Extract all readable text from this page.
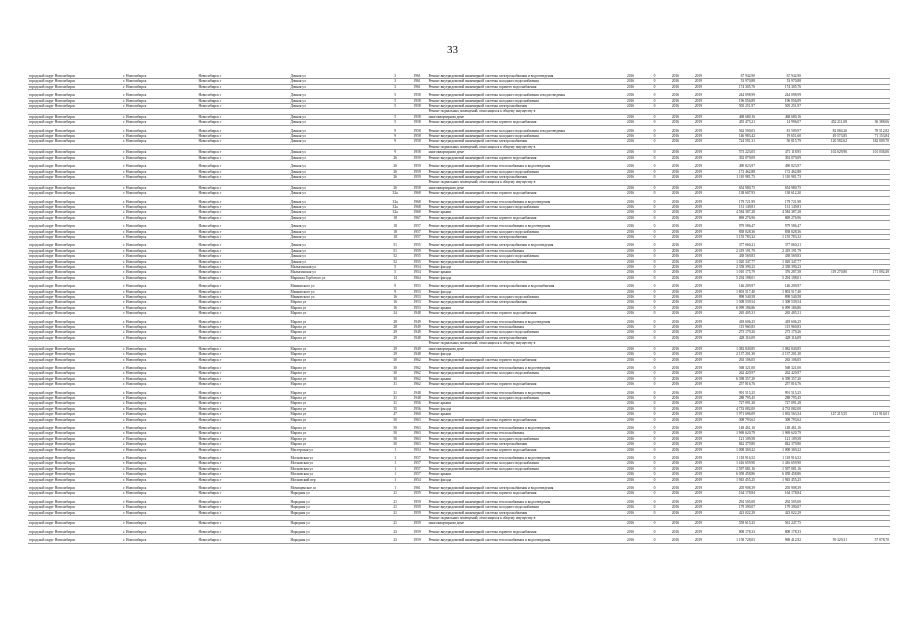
33
городской округ Новосибирск	г. Новосибирск	Новосибирск г	Дачная ул	3	1961	Ремонт внутридомовой инженерной системы электроснабжения и водоотведения	2016	0	2016	2019	67 942,90	67 942,90		
городской округ Новосибирск	г. Новосибирск	Новосибирск г	Дачная ул	3	1961	Ремонт внутридомовой инженерной системы холодного водоснабжения	2016	0	2016	2019	53 970,88	53 970,88		
городской округ Новосибирск	г. Новосибирск	Новосибирск г	Дачная ул	3	1961	Ремонт внутридомовой инженерной системы горячего водоснабжения	2016	0	2016	2019	174 305,76	174 305,76		

городской округ Новосибирск	г. Новосибирск	Новосибирск г	Дачная ул	5	1958	Ремонт внутридомовой инженерной системы холодного водоснабжения и водоотведения	2016	0	2016	2019	244 098,99	244 098,99		
городской округ Новосибирск	г. Новосибирск	Новосибирск г	Дачная ул	5	1958	Ремонт внутридомовой инженерной системы холодного водоснабжения	2016	0	2016	2019	196 056,89	196 056,89		
городской округ Новосибирск	г. Новосибирск	Новосибирск г	Дачная ул	5	1958	Ремонт внутридомовой инженерной системы электроснабжения	2016	0	2016	2019	505 251,97	505 251,97		
						Ремонт подвальных помещений, относящихся к общему имуществу в								
городской округ Новосибирск	г. Новосибирск	Новосибирск г	Дачная ул	5	1958	многоквартирном доме	2016	0	2016	2019	468 680,16	468 680,16		
городской округ Новосибирск	г. Новосибирск	Новосибирск г	Дачная ул	5	1958	Ремонт внутридомовой инженерной системы горячего водоснабжения	2016	0	2016	2019	455 475,21	14 996,07	452 211,08	36 388,06

городской округ Новосибирск	г. Новосибирск	Новосибирск г	Дачная ул	9	1958	Ремонт внутридомовой инженерной системы холодного водоснабжения и водоотведения	2016	0	2016	2019	562 500,03	81 509,97	82 084,26	78 512,82
городской округ Новосибирск	г. Новосибирск	Новосибирск г	Дачная ул	9	1958	Ремонт внутридомовой инженерной системы холодного водоснабжения	2016	0	2016	2019	146 983,42	19 651,60	49 573,85	71 153,84
городской округ Новосибирск	г. Новосибирск	Новосибирск г	Дачная ул	9	1958	Ремонт внутридомовой инженерной системы электроснабжения	2016	0	2016	2019	724 591,31	50 815,79	120 582,62	182 009,70
						Ремонт подвальных помещений, относящихся к общему имуществу в								
городской округ Новосибирск	г. Новосибирск	Новосибирск г	Дачная ул	9	1958	многоквартирном доме	2016	0	2016	2019	573 223,05	471 118,95	102 629,96	101 036,06
городской округ Новосибирск	г. Новосибирск	Новосибирск г	Дачная ул	26	1959	Ремонт внутридомовой инженерной системы горячего водоснабжения	2016	0	2016	2019	392 079,09	392 079,09		

городской округ Новосибирск	г. Новосибирск	Новосибирск г	Дачная ул	26	1959	Ремонт внутридомовой инженерной системы теплоснабжения и водоотведения	2016	0	2016	2019	490 823,97	490 823,97		
городской округ Новосибирск	г. Новосибирск	Новосибирск г	Дачная ул	26	1959	Ремонт внутридомовой инженерной системы холодного водоснабжения	2016	0	2016	2019	172 462,88	172 462,88		
городской округ Новосибирск	г. Новосибирск	Новосибирск г	Дачная ул	26	1959	Ремонт внутридомовой инженерной системы электроснабжения	2016	0	2016	2019	1 110 981,73	1 110 981,73		
						Ремонт подвальных помещений, относящихся к общему имуществу в								
городской округ Новосибирск	г. Новосибирск	Новосибирск г	Дачная ул	26	1958	многоквартирном доме	2016	0	2016	2019	654 980,75	654 980,75		
городской округ Новосибирск	г. Новосибирск	Новосибирск г	Дачная ул	32а	1968	Ремонт внутридомовой инженерной системы горячего водоснабжения	2016	0	2016	2019	138 607,93	138 612,20		

городской округ Новосибирск	г. Новосибирск	Новосибирск г	Дачная ул	32а	1968	Ремонт внутридомовой инженерной системы теплоснабжения и водоотведения	2016	0	2016	2019	179 721,99	179 721,98		
городской округ Новосибирск	г. Новосибирск	Новосибирск г	Дачная ул	32а	1968	Ремонт внутридомовой инженерной системы холодного водоснабжения	2016	0	2016	2019	131 149,81	131 149,81		
городской округ Новосибирск	г. Новосибирск	Новосибирск г	Дачная ул	32а	1968	Ремонт крыши	2016	0	2016	2019	4 584 387,28	4 584 387,28		
городской округ Новосибирск	г. Новосибирск	Новосибирск г	Дачная ул	18	1967	Ремонт внутридомовой инженерной системы горячего водоснабжения	2016	0	2016	2019	869 276,96	869 276,96		

городской округ Новосибирск	г. Новосибирск	Новосибирск г	Дачная ул	18	1957	Ремонт внутридомовой инженерной системы теплоснабжения и водоотведения	2016	0	2016	2019	979 586,47	979 586,47		
городской округ Новосибирск	г. Новосибирск	Новосибирск г	Дачная ул	18	1957	Ремонт внутридомовой инженерной системы холодного водоснабжения	2016	0	2016	2019	838 028,36	838 028,36		
городской округ Новосибирск	г. Новосибирск	Новосибирск г	Дачная ул	18	1957	Ремонт внутридомовой инженерной системы электроснабжения	2016	0	2016	2019	1 155 783,32	1 155 783,32		

городской округ Новосибирск	г. Новосибирск	Новосибирск г	Дачная ул	51	1955	Ремонт внутридомовой инженерной системы электроснабжения и водоотведения	2016	0	2016	2019	377 060,21	377 060,21		
городской округ Новосибирск	г. Новосибирск	Новосибирск г	Дачная ул	51	1959	Ремонт внутридомовой инженерной системы теплоснабжения	2016	0	2016	2019	2 419 191,79	2 419 191,79		
городской округ Новосибирск	г. Новосибирск	Новосибирск г	Дачная ул	52	1955	Ремонт внутридомовой инженерной системы холодного водоснабжения	2016	0	2016	2019	438 569,83	438 569,83		
городской округ Новосибирск	г. Новосибирск	Новосибирск г	Дачная ул	52	1955	Ремонт внутридомовой инженерной системы электроснабжения	2016	0	2016	2019	1 020 347,77	1 020 347,77		
городской округ Новосибирск	г. Новосибирск	Новосибирск г	Малыгинская ул	5	1954	Ремонт фасада	2016	0	2016	2019	2 358 390,23	2 358 390,23		
городской округ Новосибирск	г. Новосибирск	Новосибирск г	Малыгинская ул	5	1954	Ремонт крыши	2016	0	2016	2019	1 010 175,79	376 287,58	119 270,80	171 092,49
городской округ Новосибирск	г. Новосибирск	Новосибирск г	Маршала Горбатого ул	14	1964	Ремонт фасада	2016	0	2016	2019	5 294 198,01	5 294 198,01		

городской округ Новосибирск	г. Новосибирск	Новосибирск г	Маяковского ул	9	1953	Ремонт внутридомовой инженерной системы электроснабжения и водоснабжения	2016	0	2016	2019	146 209,97	146 209,97		
городской округ Новосибирск	г. Новосибирск	Новосибирск г	Маяковского ул	9	1953	Ремонт фасада	2016	0	2016	2019	1 803 517,40	1 803 517,40		
городской округ Новосибирск	г. Новосибирск	Новосибирск г	Маяковского ул	16	1953	Ремонт внутридомовой инженерной системы холодного водоснабжения	2016	0	2016	2019	898 540,58	898 540,58		
городской округ Новосибирск	г. Новосибирск	Новосибирск г	Марата ул	16	1953	Ремонт внутридомовой инженерной системы электроснабжения	2016	0	2016	2019	1 308 539,54	1 308 539,54		
городской округ Новосибирск	г. Новосибирск	Новосибирск г	Марата ул	16	1953	Ремонт крыши	2016	0	2016	2019	6 099 186,86	6 099 186,86		
городской округ Новосибирск	г. Новосибирск	Новосибирск г	Марата ул	24	1948	Ремонт внутридомовой инженерной системы горячего водоснабжения	2016	0	2016	2019	265 405,31	265 405,31		

городской округ Новосибирск	г. Новосибирск	Новосибирск г	Марата ул	28	1949	Ремонт внутридомовой инженерной системы теплоснабжения и водоотведения	2016	0	2016	2019	418 606,25	418 606,25		
городской округ Новосибирск	г. Новосибирск	Новосибирск г	Марата ул	28	1949	Ремонт внутридомовой инженерной системы теплоснабжения	2016	0	2016	2019	115 960,83	115 960,83		
городской округ Новосибирск	г. Новосибирск	Новосибирск г	Марата ул	29	1949	Ремонт внутридомовой инженерной системы холодного водоснабжения	2016	0	2016	2019	273 179,26	273 179,26		
городской округ Новосибирск	г. Новосибирск	Новосибирск г	Марата ул	29	1948	Ремонт внутридомовой инженерной системы электроснабжения	2016	0	2016	2019	428 116,09	428 116,09		
						Ремонт подвальных помещений, относящихся к общему имуществу в								
городской округ Новосибирск	г. Новосибирск	Новосибирск г	Марата ул	29	1949	многоквартирном доме	2016	0	2016	2019	1 082 840,85	1 082 840,85		
городской округ Новосибирск	г. Новосибирск	Новосибирск г	Марата ул	29	1948	Ремонт фасада	2016	0	2016	2019	2 137 201,30	2 137 201,30		
городской округ Новосибирск	г. Новосибирск	Новосибирск г	Марата ул	30	1962	Ремонт внутридомовой инженерной системы горячего водоснабжения	2016	0	2016	2019	263 106,05	263 106,05		

городской округ Новосибирск	г. Новосибирск	Новосибирск г	Марата ул	30	1962	Ремонт внутридомовой инженерной системы теплоснабжения и водоотведения	2016	0	2016	2019	568 321,00	568 321,00		
городской округ Новосибирск	г. Новосибирск	Новосибирск г	Марата ул	30	1962	Ремонт внутридомовой инженерной системы холодного водоснабжения	2016	0	2016	2019	262 420,97	262 420,97		
городской округ Новосибирск	г. Новосибирск	Новосибирск г	Марата ул	30	1962	Ремонт крыши	2016	0	2016	2019	6 398 357,20	6 398 357,20		
городской округ Новосибирск	г. Новосибирск	Новосибирск г	Марата ул	31	1962	Ремонт внутридомовой инженерной системы горячего водоснабжения	2016	0	2016	2019	257 816,76	257 816,76		

городской округ Новосибирск	г. Новосибирск	Новосибирск г	Марата ул	31	1948	Ремонт внутридомовой инженерной системы теплоснабжения и водоотведения	2016	0	2016	2019	991 515,25	991 515,25		
городской округ Новосибирск	г. Новосибирск	Новосибирск г	Марата ул	31	1948	Ремонт внутридомовой инженерной системы холодного водоснабжения	2016	0	2016	2019	288 795,45	288 795,45		
городской округ Новосибирск	г. Новосибирск	Новосибирск г	Марата ул	31	1956	Ремонт крыши	2016	0	2016	2019	727 091,28	727 091,28		
городской округ Новосибирск	г. Новосибирск	Новосибирск г	Марата ул	35	1956	Ремонт фасада	2016	0	2016	2019	4 733 082,00	4 733 082,00		
городской округ Новосибирск	г. Новосибирск	Новосибирск г	Марата ул	47	1960	Ремонт крыши	2016	0	2016	2019	1 971 696,09	1 692 563,54	147 215,55	121 916,01
городской округ Новосибирск	г. Новосибирск	Новосибирск г	Марата ул	50	1963	Ремонт внутридомовой инженерной системы горячего водоснабжения	2016	0	2016	2019	308 793,62	308 793,62		

городской округ Новосибирск	г. Новосибирск	Новосибирск г	Марата ул	50	1963	Ремонт внутридомовой инженерной системы теплоснабжения и водоотведения	2016	0	2016	2019	148 461,16	148 461,16		
городской округ Новосибирск	г. Новосибирск	Новосибирск г	Марата ул	50	1963	Ремонт внутридомовой инженерной системы теплоснабжения	2016	0	2016	2019	1 969 620,79	1 969 620,79		
городской округ Новосибирск	г. Новосибирск	Новосибирск г	Марата ул	50	1963	Ремонт внутридомовой инженерной системы холодного водоснабжения	2016	0	2016	2019	121 109,58	121 109,58		
городской округ Новосибирск	г. Новосибирск	Новосибирск г	Марата ул	50	1963	Ремонт внутридомовой инженерной системы электроснабжения	2016	0	2016	2019	842 379,80	842 379,80		
городской округ Новосибирск	г. Новосибирск	Новосибирск г	Мастерская ул	1	1954	Ремонт внутридомовой инженерной системы горячего водоснабжения	2016	0	2016	2019	1 008 369,22	1 008 369,22		

городской округ Новосибирск	г. Новосибирск	Новосибирск г	Московская ул	1	1957	Ремонт внутридомовой инженерной системы теплоснабжения и водоотведения	2016	0	2016	2019	1 118 916,52	1 118 916,52		
городской округ Новосибирск	г. Новосибирск	Новосибирск г	Московская ул	1	1957	Ремонт внутридомовой инженерной системы холодного водоснабжения	2016	0	2016	2019	1 416 659,90	1 416 659,90		
городской округ Новосибирск	г. Новосибирск	Новосибирск г	Московская ул	1	1957	Ремонт внутридомовой инженерной системы холодного водоснабжения	2016	0	2016	2019	1 597 081,16	1 597 081,16		
городской округ Новосибирск	г. Новосибирск	Новосибирск г	Московская ул	1	1957	Ремонт крыши	2016	0	2016	2019	6 058 458,86	6 058 458,86		
городской округ Новосибирск	г. Новосибирск	Новосибирск г	Московский пер	1	1954	Ремонт фасада	2016	0	2016	2019	1 945 455,25	1 945 455,25		

городской округ Новосибирск	г. Новосибирск	Новосибирск г	Мочищенское ш	1	1961	Ремонт внутридомовой инженерной системы электроснабжения и водоотведения	2016	0	2016	2019	205 908,39	205 908,39		
городской округ Новосибирск	г. Новосибирск	Новосибирск г	Народная ул	21	1959	Ремонт внутридомовой инженерной системы горячего водоснабжения	2016	0	2016	2019	164 178,84	164 178,84		

городской округ Новосибирск	г. Новосибирск	Новосибирск г	Народная ул	21	1959	Ремонт внутридомовой инженерной системы теплоснабжения и водоотведения	2016	0	2016	2019	292 505,00	292 505,00		
городской округ Новосибирск	г. Новосибирск	Новосибирск г	Народная ул	21	1959	Ремонт внутридомовой инженерной системы холодного водоснабжения	2016	0	2016	2019	179 390,07	179 390,07		
городской округ Новосибирск	г. Новосибирск	Новосибирск г	Народная ул	21	1959	Ремонт внутридомовой инженерной системы электроснабжения	2016	0	2016	2019	423 022,29	423 022,29		
						Ремонт подвальных помещений, относящихся к общему имуществу в								
городской округ Новосибирск	г. Новосибирск	Новосибирск г	Народная ул	21	1959	многоквартирном доме	2016	0	2016	2019	559 615,25	561 247,75		

городской округ Новосибирск	г. Новосибирск	Новосибирск г	Народная ул	23	1959	Ремонт внутридомовой инженерной системы горячего водоснабжения	2016	0	2016	2019	808 178,33	808 178,33		

городской округ Новосибирск	г. Новосибирск	Новосибирск г	Народная ул	23	1959	Ремонт внутридомовой инженерной системы теплоснабжения и водоотведения	2016	0	2016	2019	1 158 728,03	968 412,92	59 329,31	57 078,70
